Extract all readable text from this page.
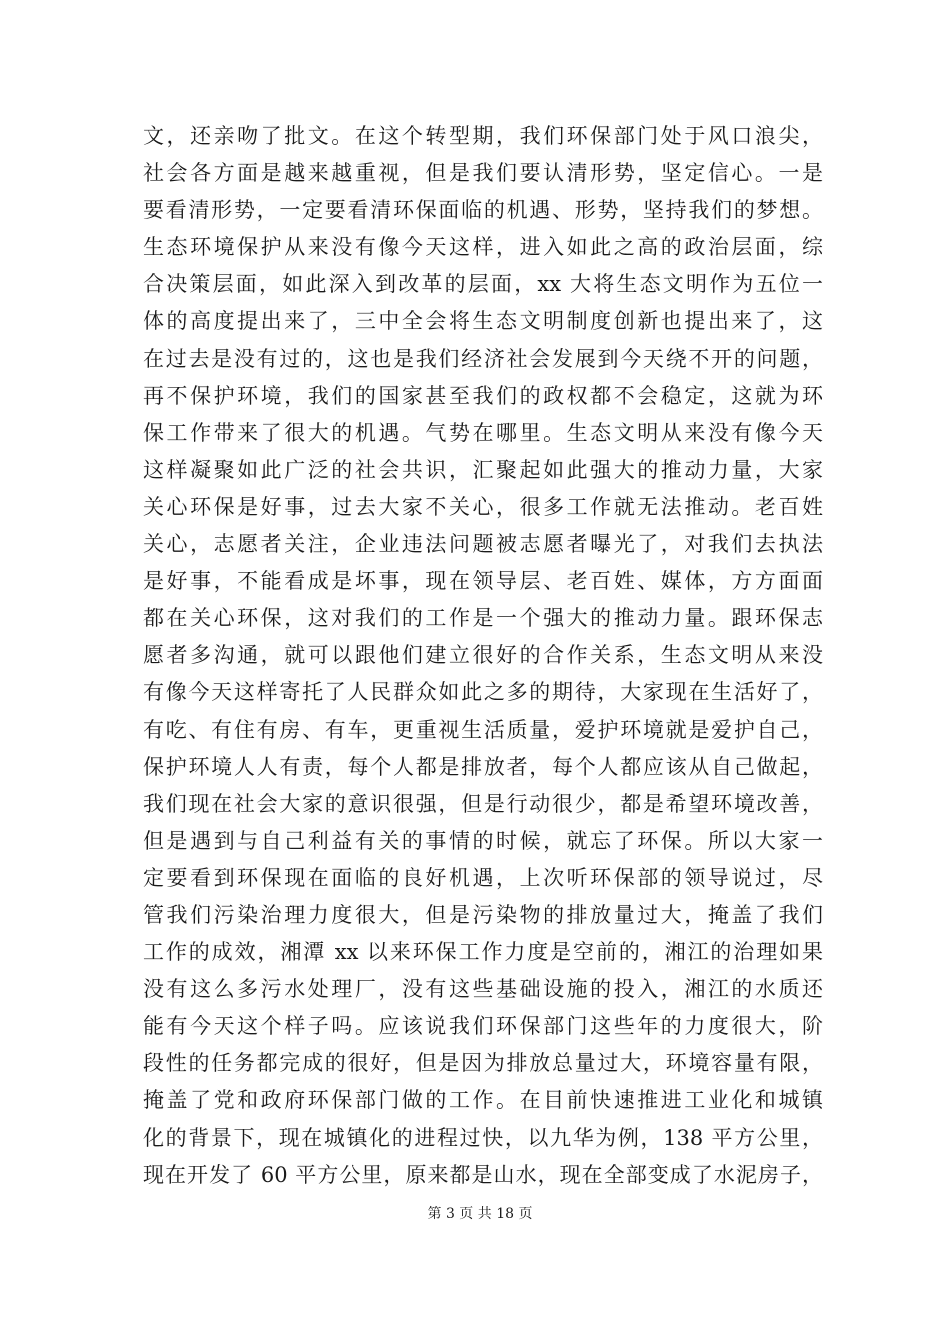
文，还亲吻了批文。在这个转型期，我们环保部门处于风口浪尖，
社会各方面是越来越重视，但是我们要认清形势，坚定信心。一是
要看清形势，一定要看清环保面临的机遇、形势，坚持我们的梦想。
生态环境保护从来没有像今天这样，进入如此之高的政治层面，综
合决策层面，如此深入到改革的层面，xx 大将生态文明作为五位一
体的高度提出来了，三中全会将生态文明制度创新也提出来了，这
在过去是没有过的，这也是我们经济社会发展到今天绕不开的问题，
再不保护环境，我们的国家甚至我们的政权都不会稳定，这就为环
保工作带来了很大的机遇。气势在哪里。生态文明从来没有像今天
这样凝聚如此广泛的社会共识，汇聚起如此强大的推动力量，大家
关心环保是好事，过去大家不关心，很多工作就无法推动。老百姓
关心，志愿者关注，企业违法问题被志愿者曝光了，对我们去执法
是好事，不能看成是坏事，现在领导层、老百姓、媒体，方方面面
都在关心环保，这对我们的工作是一个强大的推动力量。跟环保志
愿者多沟通，就可以跟他们建立很好的合作关系，生态文明从来没
有像今天这样寄托了人民群众如此之多的期待，大家现在生活好了，
有吃、有住有房、有车，更重视生活质量，爱护环境就是爱护自己，
保护环境人人有责，每个人都是排放者，每个人都应该从自己做起，
我们现在社会大家的意识很强，但是行动很少，都是希望环境改善，
但是遇到与自己利益有关的事情的时候，就忘了环保。所以大家一
定要看到环保现在面临的良好机遇，上次听环保部的领导说过，尽
管我们污染治理力度很大，但是污染物的排放量过大，掩盖了我们
工作的成效，湘潭 xx 以来环保工作力度是空前的，湘江的治理如果
没有这么多污水处理厂，没有这些基础设施的投入，湘江的水质还
能有今天这个样子吗。应该说我们环保部门这些年的力度很大，阶
段性的任务都完成的很好，但是因为排放总量过大，环境容量有限，
掩盖了党和政府环保部门做的工作。在目前快速推进工业化和城镇
化的背景下，现在城镇化的进程过快，以九华为例，138 平方公里，
现在开发了 60 平方公里，原来都是山水，现在全部变成了水泥房子，
第 3 页 共 18 页
